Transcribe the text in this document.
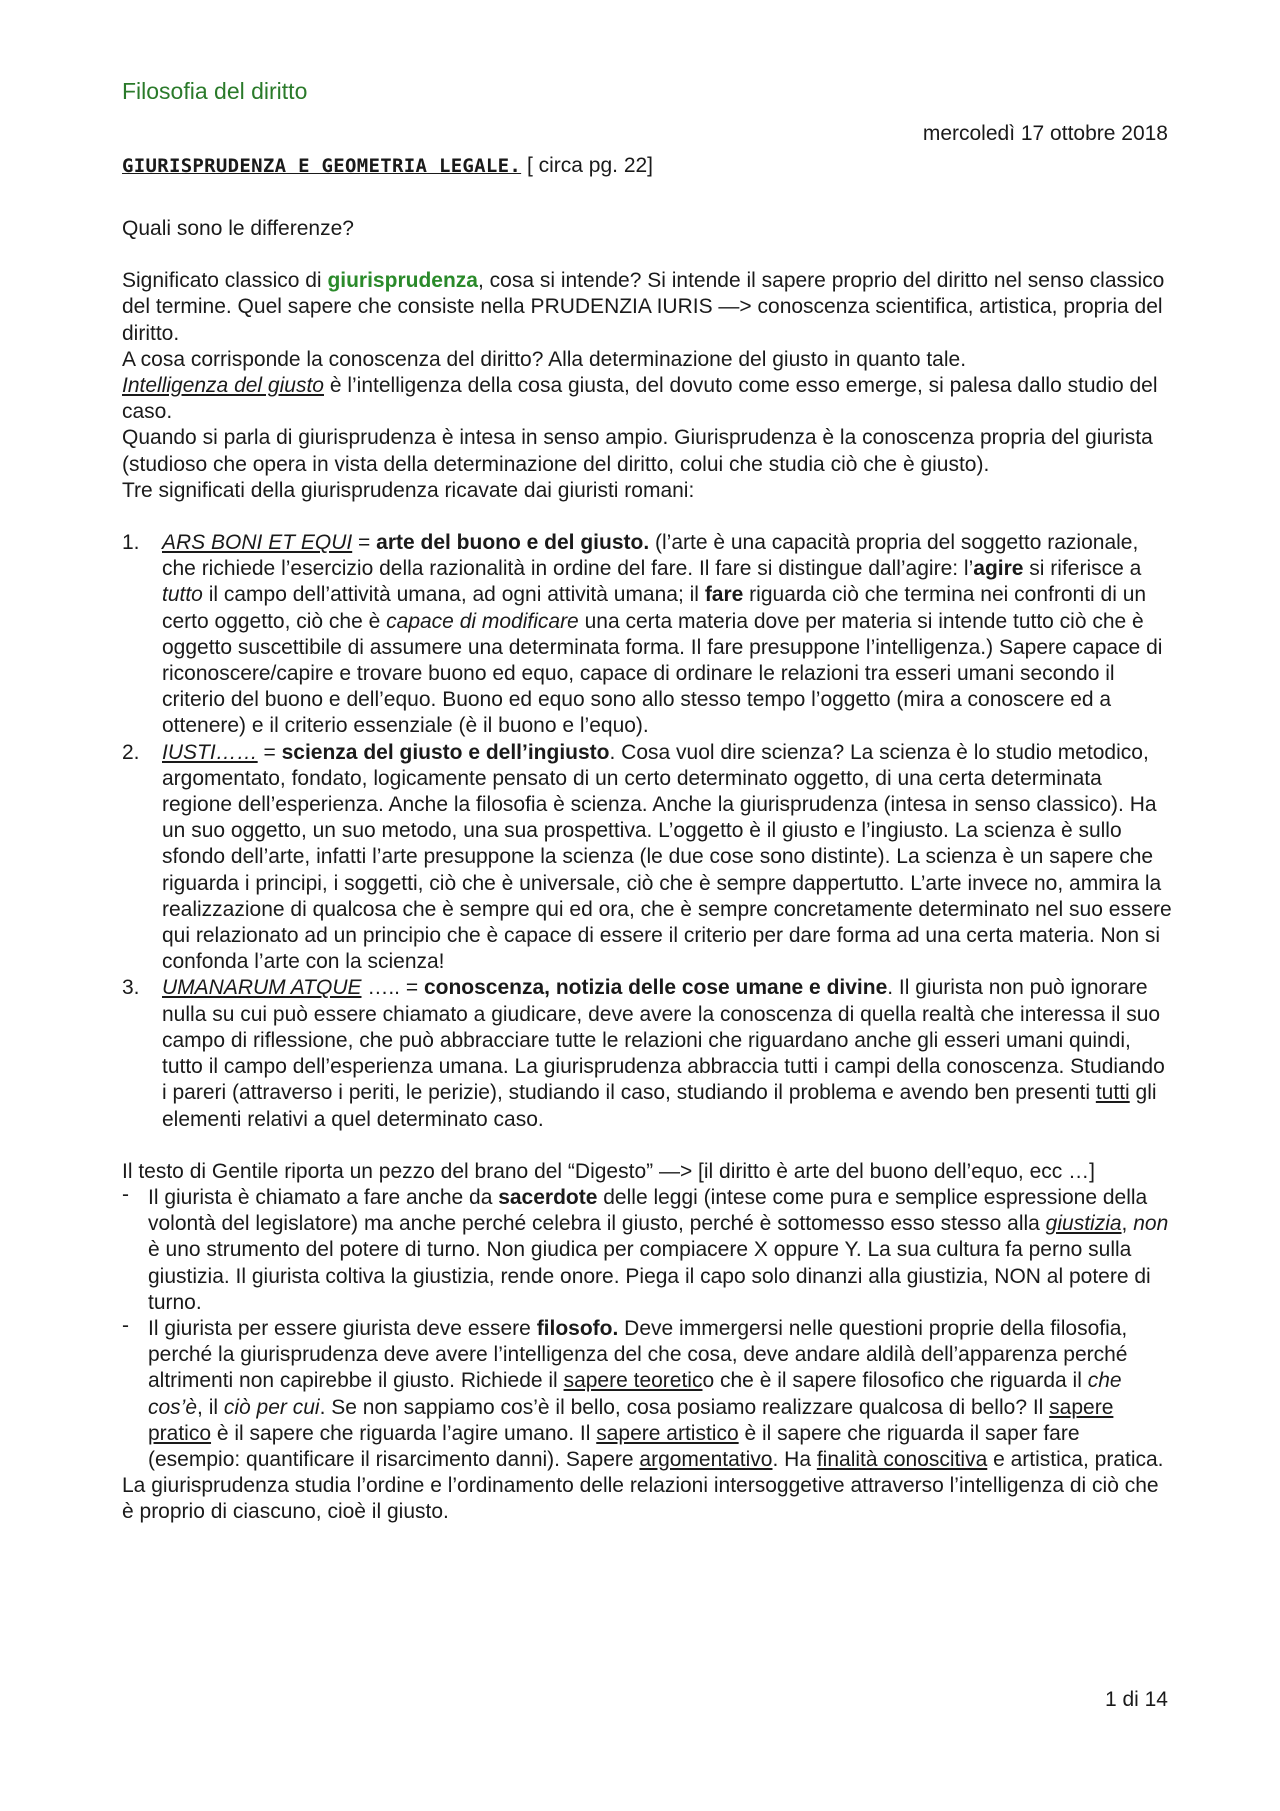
Filosofia del diritto
mercoledì 17 ottobre 2018
GIURISPRUDENZA E GEOMETRIA LEGALE. [ circa pg. 22]

Quali sono le differenze?

Significato classico di giurisprudenza, cosa si intende? Si intende il sapere proprio del diritto nel senso classico del termine. Quel sapere che consiste nella PRUDENZIA IURIS —> conoscenza scientifica, artistica, propria del diritto.

A cosa corrisponde la conoscenza del diritto? Alla determinazione del giusto in quanto tale.

Intelligenza del giusto è l’intelligenza della cosa giusta, del dovuto come esso emerge, si palesa dallo studio del caso.

Quando si parla di giurisprudenza è intesa in senso ampio. Giurisprudenza è la conoscenza propria del giurista (studioso che opera in vista della determinazione del diritto, colui che studia ciò che è giusto).

Tre significati della giurisprudenza ricavate dai giuristi romani:

1. ARS BONI ET EQUI = arte del buono e del giusto. (l’arte è una capacità propria del soggetto razionale, che richiede l’esercizio della razionalità in ordine del fare. Il fare si distingue dall’agire: l’agire si riferisce a tutto il campo dell’attività umana, ad ogni attività umana; il fare riguarda ciò che termina nei confronti di un certo oggetto, ciò che è capace di modificare una certa materia dove per materia si intende tutto ciò che è oggetto suscettibile di assumere una determinata forma. Il fare presuppone l’intelligenza.) Sapere capace di riconoscere/capire e trovare buono ed equo, capace di ordinare le relazioni tra esseri umani secondo il criterio del buono e dell’equo. Buono ed equo sono allo stesso tempo l’oggetto (mira a conoscere ed a ottenere) e il criterio essenziale (è il buono e l’equo).
2. IUSTI…… = scienza del giusto e dell’ingiusto. Cosa vuol dire scienza? La scienza è lo studio metodico, argomentato, fondato, logicamente pensato di un certo determinato oggetto, di una certa determinata regione dell’esperienza. Anche la filosofia è scienza. Anche la giurisprudenza (intesa in senso classico). Ha un suo oggetto, un suo metodo, una sua prospettiva. L’oggetto è il giusto e l’ingiusto. La scienza è sullo sfondo dell’arte, infatti l’arte presuppone la scienza (le due cose sono distinte). La scienza è un sapere che riguarda i principi, i soggetti, ciò che è universale, ciò che è sempre dappertutto. L’arte invece no, ammira la realizzazione di qualcosa che è sempre qui ed ora, che è sempre concretamente determinato nel suo essere qui relazionato ad un principio che è capace di essere il criterio per dare forma ad una certa materia. Non si confonda l’arte con la scienza!
3. UMANARUM ATQUE ….. = conoscenza, notizia delle cose umane e divine. Il giurista non può ignorare nulla su cui può essere chiamato a giudicare, deve avere la conoscenza di quella realtà che interessa il suo campo di riflessione, che può abbracciare tutte le relazioni che riguardano anche gli esseri umani quindi, tutto il campo dell’esperienza umana. La giurisprudenza abbraccia tutti i campi della conoscenza. Studiando i pareri (attraverso i periti, le perizie), studiando il caso, studiando il problema e avendo ben presenti tutti gli elementi relativi a quel determinato caso.

Il testo di Gentile riporta un pezzo del brano del “Digesto” —> [il diritto è arte del buono dell’equo, ecc …]

- Il giurista è chiamato a fare anche da sacerdote delle leggi (intese come pura e semplice espressione della volontà del legislatore) ma anche perché celebra il giusto, perché è sottomesso esso stesso alla giustizia, non è uno strumento del potere di turno. Non giudica per compiacere X oppure Y. La sua cultura fa perno sulla giustizia. Il giurista coltiva la giustizia, rende onore. Piega il capo solo dinanzi alla giustizia, NON al potere di turno.
- Il giurista per essere giurista deve essere filosofo. Deve immergersi nelle questioni proprie della filosofia, perché la giurisprudenza deve avere l’intelligenza del che cosa, deve andare aldilà dell’apparenza perché altrimenti non capirebbe il giusto. Richiede il sapere teoretico che è il sapere filosofico che riguarda il che cos’è, il ciò per cui. Se non sappiamo cos’è il bello, cosa posiamo realizzare qualcosa di bello? Il sapere pratico è il sapere che riguarda l’agire umano. Il sapere artistico è il sapere che riguarda il saper fare (esempio: quantificare il risarcimento danni). Sapere argomentativo. Ha finalità conoscitiva e artistica, pratica.

La giurisprudenza studia l’ordine e l’ordinamento delle relazioni intersoggetive attraverso l’intelligenza di ciò che è proprio di ciascuno, cioè il giusto.

1 di 14
